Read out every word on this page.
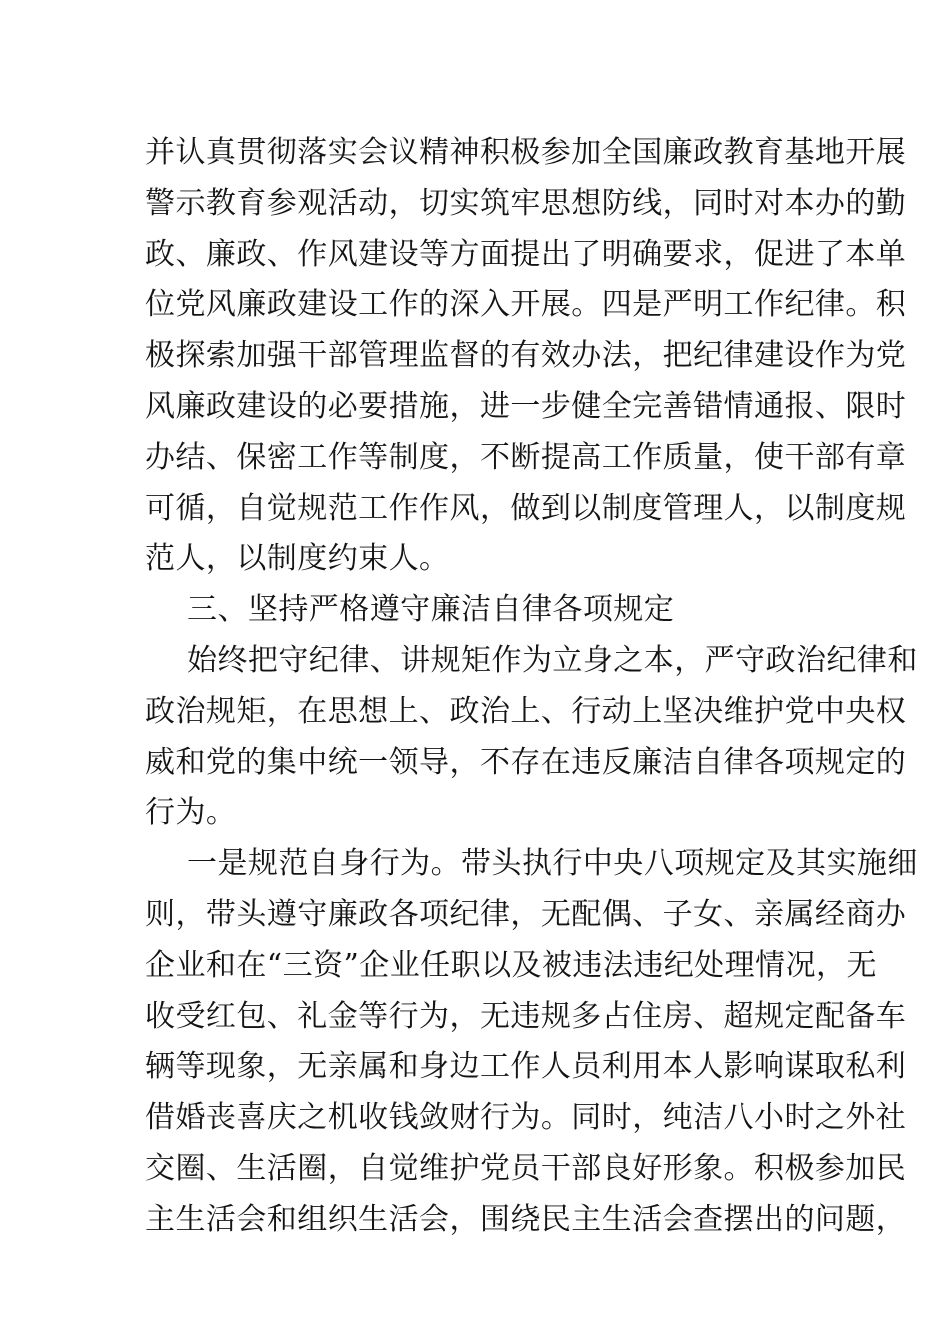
并认真贯彻落实会议精神积极参加全国廉政教育基地开展
警示教育参观活动，切实筑牢思想防线，同时对本办的勤
政、廉政、作风建设等方面提出了明确要求，促进了本单
位党风廉政建设工作的深入开展。四是严明工作纪律。积
极探索加强干部管理监督的有效办法，把纪律建设作为党
风廉政建设的必要措施，进一步健全完善错情通报、限时
办结、保密工作等制度，不断提高工作质量，使干部有章
可循，自觉规范工作作风，做到以制度管理人，以制度规
范人，以制度约束人。
三、坚持严格遵守廉洁自律各项规定
始终把守纪律、讲规矩作为立身之本，严守政治纪律和
政治规矩，在思想上、政治上、行动上坚决维护党中央权
威和党的集中统一领导，不存在违反廉洁自律各项规定的
行为。
一是规范自身行为。带头执行中央八项规定及其实施细
则，带头遵守廉政各项纪律，无配偶、子女、亲属经商办
企业和在“三资”企业任职以及被违法违纪处理情况，无
收受红包、礼金等行为，无违规多占住房、超规定配备车
辆等现象，无亲属和身边工作人员利用本人影响谋取私利
借婚丧喜庆之机收钱敛财行为。同时，纯洁八小时之外社
交圈、生活圈，自觉维护党员干部良好形象。积极参加民
主生活会和组织生活会，围绕民主生活会查摆出的问题，
